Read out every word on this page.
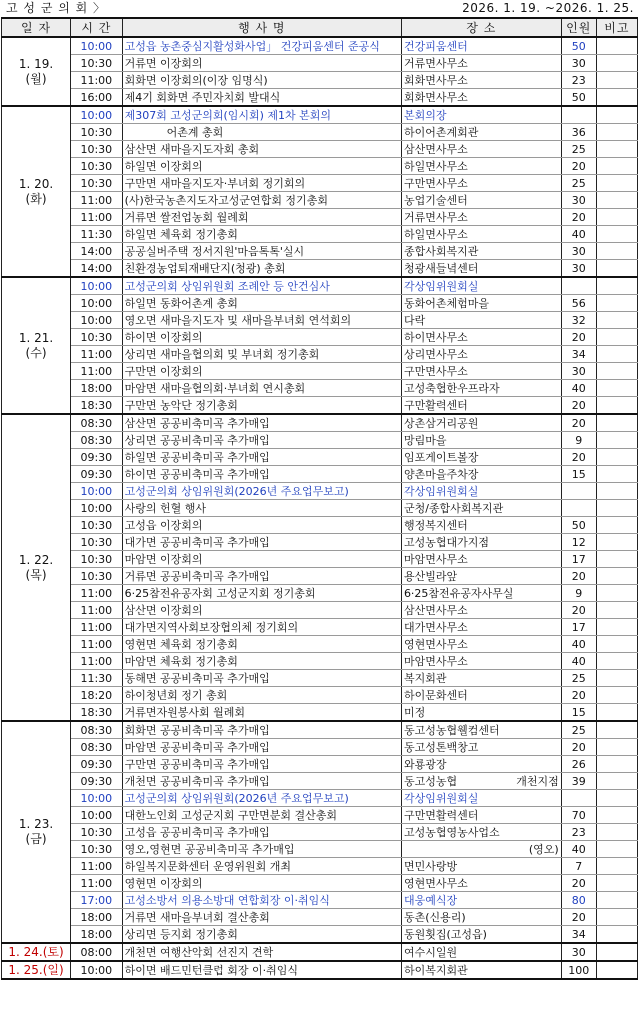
고 성 군 의 회 〉	2026. 1. 19. ~2026. 1. 25.
일 자	시 간	행 사 명	장 소	인원	비고

1. 19.
(월)	10:00	고성읍 농촌중심지활성화사업」 건강피움센터 준공식	건강피움센터	50	
	10:30	거류면 이장회의	거류면사무소	30	
	11:00	회화면 이장회의(이장 임명식)	회화면사무소	23	
	16:00	제4기 회화면 주민자치회 발대식	회화면사무소	50	

1. 20.
(화)	10:00	제307회 고성군의회(임시회) 제1차 본회의	본회의장		
	10:30	어촌계 총회	하이어촌계회관	36	
	10:30	삼산면 새마을지도자회 총회	삼산면사무소	25	
	10:30	하일면 이장회의	하일면사무소	20	
	10:30	구만면 새마을지도자·부녀회 정기회의	구만면사무소	25	
	11:00	(사)한국농촌지도자고성군연합회 정기총회	농업기술센터	30	
	11:00	거류면 쌀전업농회 월례회	거류면사무소	20	
	11:30	하일면 체육회 정기총회	하일면사무소	40	
	14:00	공공실버주택 정서지원'마음톡톡'실시	종합사회복지관	30	
	14:00	친환경농업퇴재배단지(청광) 총회	청광새들녘센터	30	

1. 21.
(수)	10:00	고성군의회 상임위원회 조례안 등 안건심사	각상임위원회실		
	10:00	하일면 동화어촌계 총회	동화어촌체험마을	56	
	10:00	영오면 새마을지도자 및 새마을부녀회 연석회의	다락	32	
	10:30	하이면 이장회의	하이면사무소	20	
	11:00	상리면 새마을협의회 및 부녀회 정기총회	상리면사무소	34	
	11:00	구만면 이장회의	구만면사무소	30	
	18:00	마암면 새마을협의회·부녀회 연시총회	고성축협한우프라자	40	
	18:30	구만면 농악단 정기총회	구만활력센터	20	

1. 22.
(목)	08:30	삼산면 공공비축미곡 추가매입	상촌삼거리공원	20	
	08:30	상리면 공공비축미곡 추가매입	망림마을	9	
	09:30	하일면 공공비축미곡 추가매입	임포게이트볼장	20	
	09:30	하이면 공공비축미곡 추가매입	양촌마을주차장	15	
	10:00	고성군의회 상임위원회(2026년 주요업무보고)	각상임위원회실		
	10:00	사랑의 헌혈 행사	군청/종합사회복지관		
	10:30	고성읍 이장회의	행정복지센터	50	
	10:30	대가면 공공비축미곡 추가매입	고성농협대가지점	12	
	10:30	마암면 이장회의	마암면사무소	17	
	10:30	거류면 공공비축미곡 추가매입	용산빌라앞	20	
	11:00	6·25참전유공자회 고성군지회 정기총회	6·25참전유공자사무실	9	
	11:00	삼산면 이장회의	삼산면사무소	20	
	11:00	대가면지역사회보장협의체 정기회의	대가면사무소	17	
	11:00	영현면 체육회 정기총회	영현면사무소	40	
	11:00	마암면 체육회 정기총회	마암면사무소	40	
	11:30	동해면 공공비축미곡 추가매입	복지회관	25	
	18:20	하이청년회 정기 총회	하이문화센터	20	
	18:30	거류면자원봉사회 월례회	미정	15	

1. 23.
(금)	08:30	회화면 공공비축미곡 추가매입	동고성농협웰컴센터	25	
	08:30	마암면 공공비축미곡 추가매입	동고성톤백창고	20	
	09:30	구만면 공공비축미곡 추가매입	와룡광장	26	
	09:30	개천면 공공비축미곡 추가매입	동고성농협 개천지점	39	
	10:00	고성군의회 상임위원회(2026년 주요업무보고)	각상임위원회실		
	10:00	대한노인회 고성군지회 구만면분회 결산총회	구만면활력센터	70	
	10:30	고성읍 공공비축미곡 추가매입	고성농협영농사업소	23	
	10:30	영오,영현면 공공비축미곡 추가매입	(영오)	40	
	11:00	하일복지문화센터 운영위원회 개최	면민사랑방	7	
	11:00	영현면 이장회의	영현면사무소	20	
	17:00	고성소방서 의용소방대 연합회장 이·취임식	대웅예식장	80	
	18:00	거류면 새마을부녀회 결산총회	동촌(신용리)	20	
	18:00	상리면 등지회 정기총회	동원횟집(고성읍)	34	
1. 24.(토)	08:00	개천면 여행산악회 선진지 견학	여수시일원	30	
1. 25.(일)	10:00	하이면 배드민턴클럽 회장 이·취임식	하이복지회관	100	
